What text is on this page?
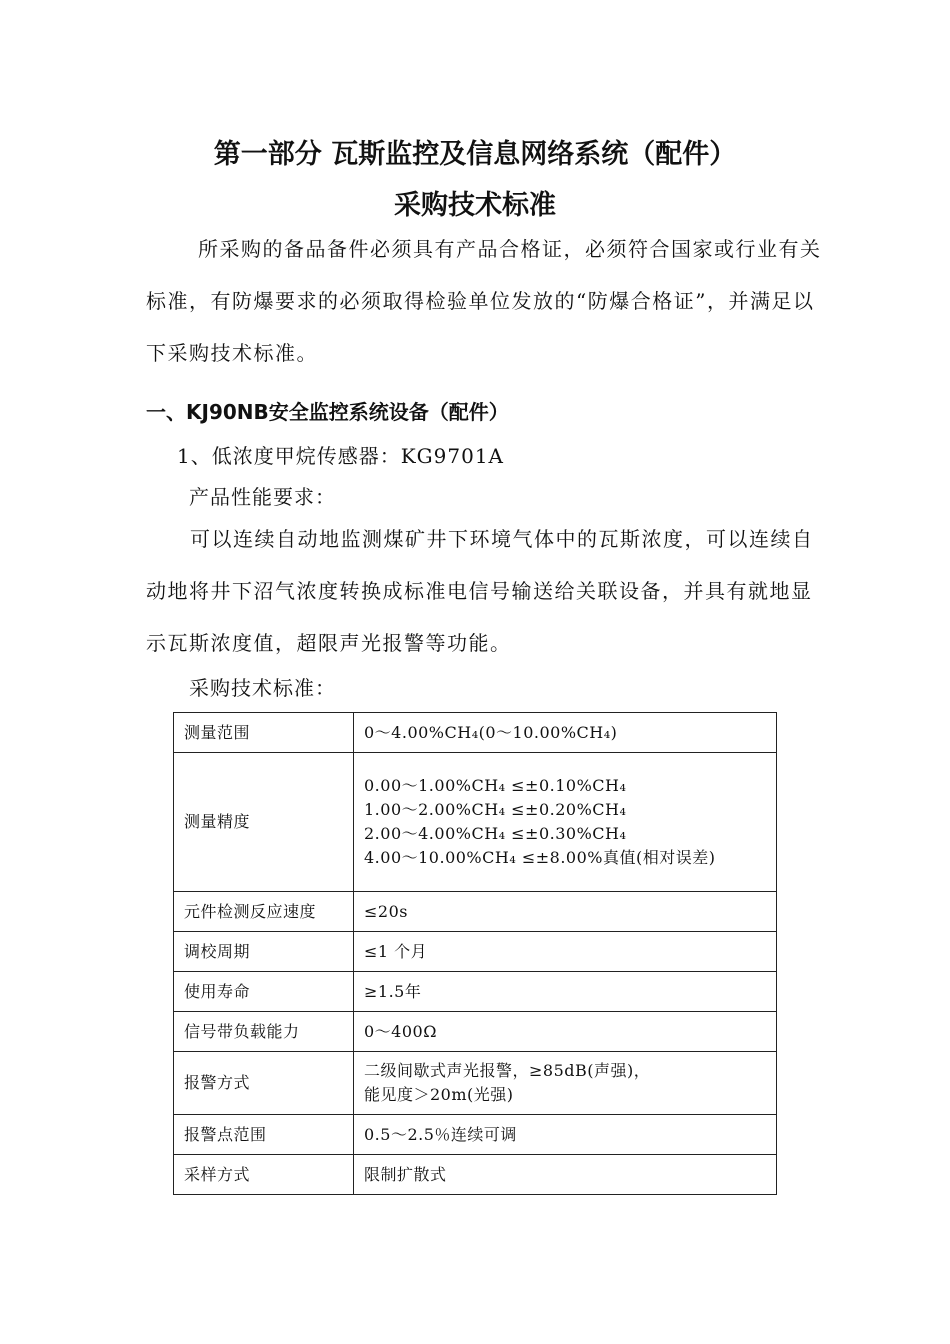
第一部分 瓦斯监控及信息网络系统（配件）
采购技术标准

所采购的备品备件必须具有产品合格证，必须符合国家或行业有关标准，有防爆要求的必须取得检验单位发放的“防爆合格证”，并满足以下采购技术标准。

一、KJ90NB安全监控系统设备（配件）

1、低浓度甲烷传感器：KG9701A

产品性能要求：

可以连续自动地监测煤矿井下环境气体中的瓦斯浓度，可以连续自动地将井下沼气浓度转换成标准电信号输送给关联设备，并具有就地显示瓦斯浓度值，超限声光报警等功能。

采购技术标准：

测量范围	0～4.00%CH₄(0～10.00%CH₄)
测量精度	0.00～1.00%CH₄ ≤±0.10%CH₄
1.00～2.00%CH₄ ≤±0.20%CH₄
2.00～4.00%CH₄ ≤±0.30%CH₄
4.00～10.00%CH₄ ≤±8.00%真值(相对误差)

元件检测反应速度	≤20s
调校周期	≤1 个月
使用寿命	≥1.5年
信号带负载能力	0～400Ω
报警方式	二级间歇式声光报警，≥85dB(声强)，
能见度＞20m(光强)

报警点范围	0.5～2.5％连续可调
采样方式	限制扩散式
